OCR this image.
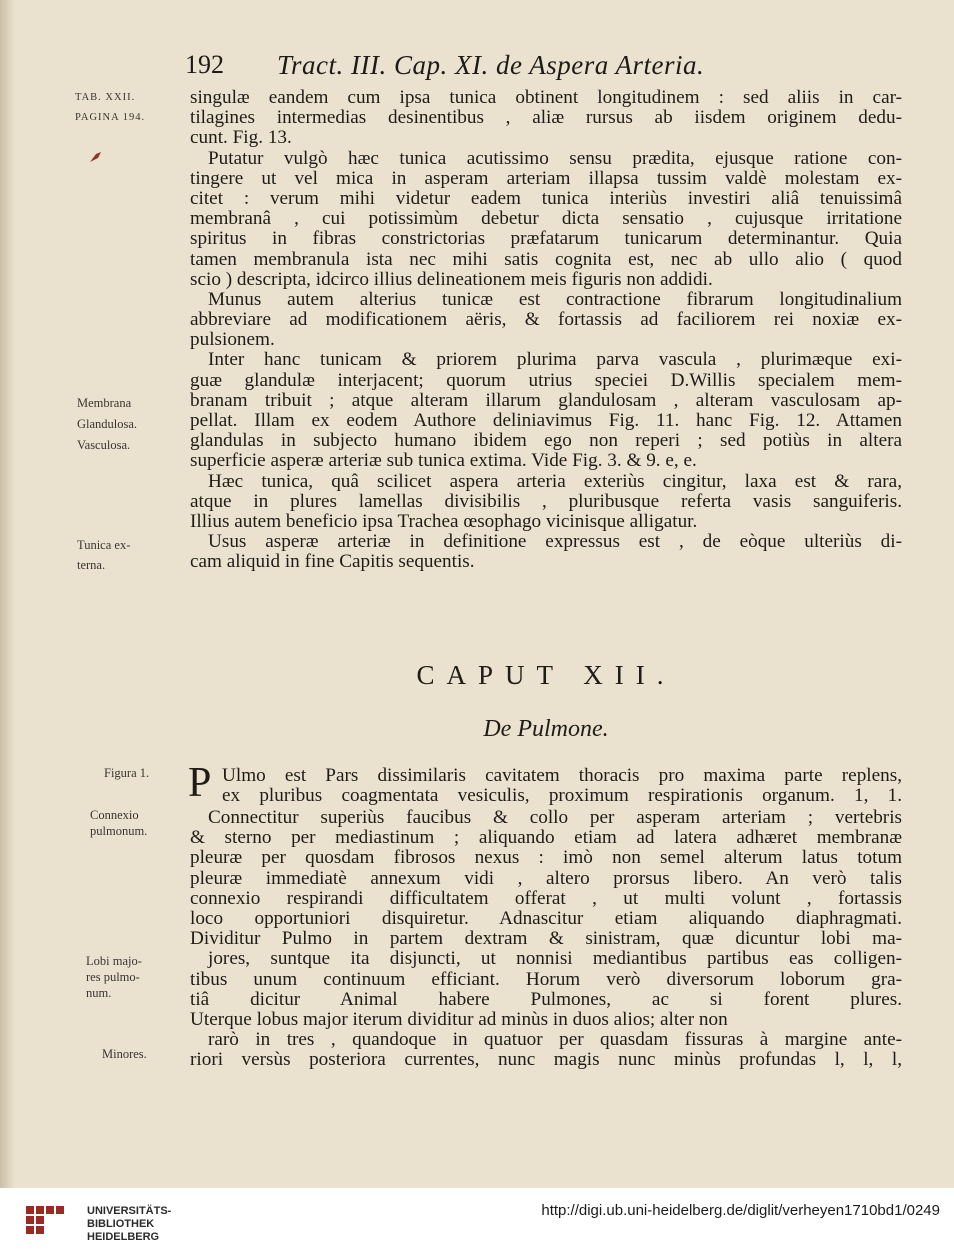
192 Tract. III. Cap. XI. de Aspera Arteria.
TAB. XXII.
PAGINA 194.
Membrana
Glandulosa.
Vasculosa.
Tunica ex-
terna.
Figura 1.
Connexio
pulmonum.
Lobi majo-
res pulmo-
num.
Minores.
singulæ eandem cum ipsa tunica obtinent longitudinem : sed aliis in car-
tilagines intermedias desinentibus , aliæ rursus ab iisdem originem dedu-
cunt. Fig. 13.
Putatur vulgò hæc tunica acutissimo sensu prædita, ejusque ratione con-
tingere ut vel mica in asperam arteriam illapsa tussim valdè molestam ex-
citet : verum mihi videtur eadem tunica interiùs investiri aliâ tenuissimâ
membranâ , cui potissimùm debetur dicta sensatio , cujusque irritatione
spiritus in fibras constrictorias præfatarum tunicarum determinantur. Quia
tamen membranula ista nec mihi satis cognita est, nec ab ullo alio ( quod
scio ) descripta, idcirco illius delineationem meis figuris non addidi.
Munus autem alterius tunicæ est contractione fibrarum longitudinalium
abbreviare ad modificationem aëris, & fortassis ad faciliorem rei noxiæ ex-
pulsionem.
Inter hanc tunicam & priorem plurima parva vascula , plurimæque exi-
guæ glandulæ interjacent; quorum utrius speciei D.Willis specialem mem-
branam tribuit ; atque alteram illarum glandulosam , alteram vasculosam ap-
pellat. Illam ex eodem Authore deliniavimus Fig. 11. hanc Fig. 12. Attamen
glandulas in subjecto humano ibidem ego non reperi ; sed potiùs in altera
superficie asperæ arteriæ sub tunica extima. Vide Fig. 3. & 9. e, e.
Hæc tunica, quâ scilicet aspera arteria exteriùs cingitur, laxa est & rara,
atque in plures lamellas divisibilis , pluribusque referta vasis sanguiferis.
Illius autem beneficio ipsa Trachea œsophago vicinisque alligatur.
Usus asperæ arteriæ in definitione expressus est , de eòque ulteriùs di-
cam aliquid in fine Capitis sequentis.
CAPUT XII.
De Pulmone.
P Ulmo est Pars dissimilaris cavitatem thoracis pro maxima parte replens,
ex pluribus coagmentata vesiculis, proximum respirationis organum. 1, 1.
Connectitur superiùs faucibus & collo per asperam arteriam ; vertebris
& sterno per mediastinum ; aliquando etiam ad latera adhæret membranæ
pleuræ per quosdam fibrosos nexus : imò non semel alterum latus totum
pleuræ immediatè annexum vidi , altero prorsus libero. An verò talis
connexio respirandi difficultatem offerat , ut multi volunt , fortassis
loco opportuniori disquiretur. Adnascitur etiam aliquando diaphragmati.
Dividitur Pulmo in partem dextram & sinistram, quæ dicuntur lobi ma-
jores, suntque ita disjuncti, ut nonnisi mediantibus partibus eas colligen-
tibus unum continuum efficiant. Horum verò diversorum loborum gra-
tiâ dicitur Animal habere Pulmones, ac si forent plures.
Uterque lobus major iterum dividitur ad minùs in duos alios; alter non
rarò in tres , quandoque in quatuor per quasdam fissuras à margine ante-
riori versùs posteriora currentes, nunc magis nunc minùs profundas l, l, l,
UNIVERSITÄTS-
BIBLIOTHEK
HEIDELBERG
http://digi.ub.uni-heidelberg.de/diglit/verheyen1710bd1/0249
